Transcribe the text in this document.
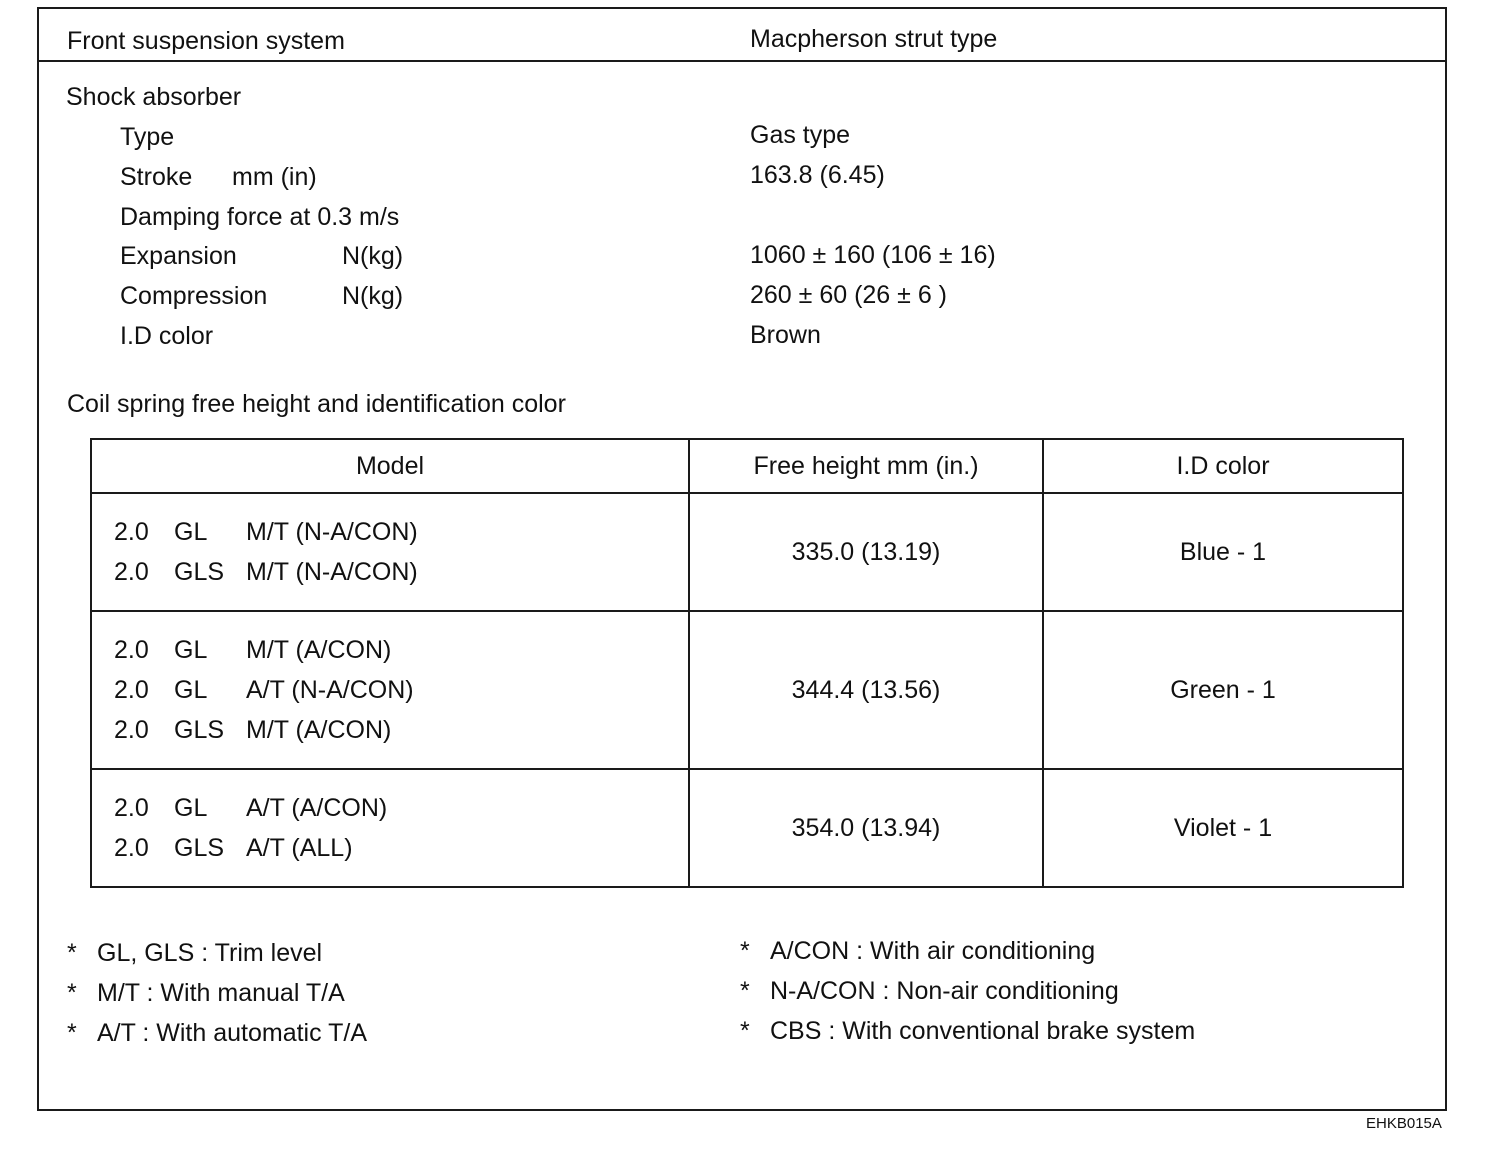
Front suspension system	Macpherson strut type
Shock absorber
Type	Gas type
Stroke mm (in)	163.8 (6.45)
Damping force at 0.3 m/s
Expansion	N(kg)	1060 ± 160 (106 ± 16)
Compression	N(kg)	260 ± 60 (26 ± 6 )
I.D color	Brown
Coil spring free height and identification color
Model	Free height mm (in.)	I.D color

2.0 GL M/T (N-A/CON)
2.0 GLS M/T (N-A/CON)	335.0 (13.19)	Blue - 1

2.0 GL M/T (A/CON)
2.0 GL A/T (N-A/CON)
2.0 GLS M/T (A/CON)	344.4 (13.56)	Green - 1

2.0 GL A/T (A/CON)
2.0 GLS A/T (ALL)	354.0 (13.94)	Violet - 1
* GL, GLS : Trim level
* M/T : With manual T/A
* A/T : With automatic T/A
* A/CON : With air conditioning
* N-A/CON : Non-air conditioning
* CBS : With conventional brake system
EHKB015A
